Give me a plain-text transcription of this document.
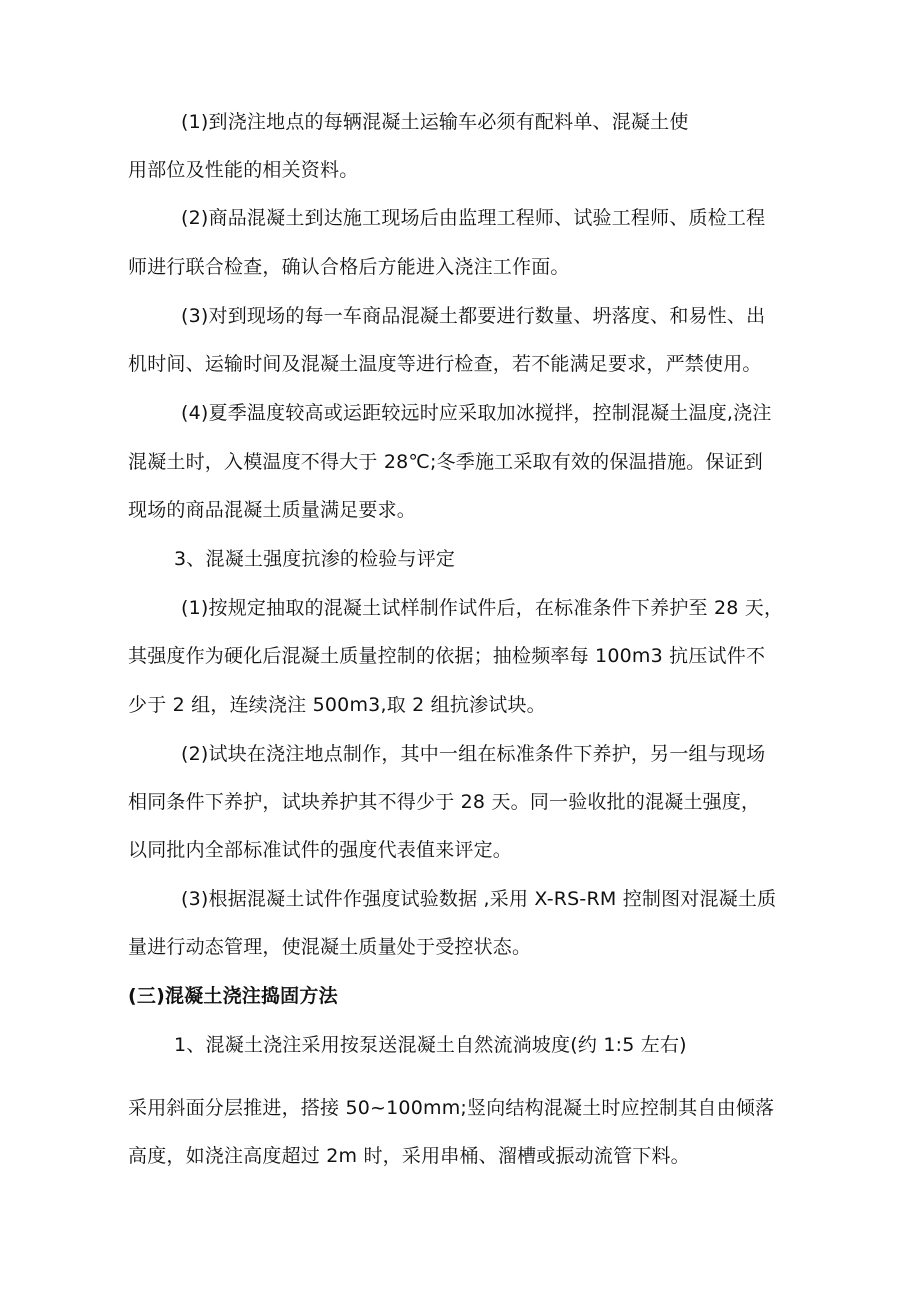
(1)到浇注地点的每辆混凝土运输车必须有配料单、混凝土使
用部位及性能的相关资料。
(2)商品混凝土到达施工现场后由监理工程师、试验工程师、质检工程
师进行联合检查，确认合格后方能进入浇注工作面。
(3)对到现场的每一车商品混凝土都要进行数量、坍落度、和易性、出
机时间、运输时间及混凝土温度等进行检查，若不能满足要求，严禁使用。
(4)夏季温度较高或运距较远时应采取加冰搅拌，控制混凝土温度,浇注
混凝土时，入模温度不得大于 28℃;冬季施工采取有效的保温措施。保证到
现场的商品混凝土质量满足要求。
3、混凝土强度抗渗的检验与评定
(1)按规定抽取的混凝土试样制作试件后，在标准条件下养护至 28 天，
其强度作为硬化后混凝土质量控制的依据；抽检频率每 100m3 抗压试件不
少于 2 组，连续浇注 500m3,取 2 组抗渗试块。
(2)试块在浇注地点制作，其中一组在标准条件下养护，另一组与现场
相同条件下养护，试块养护其不得少于 28 天。同一验收批的混凝土强度，
以同批内全部标准试件的强度代表值来评定。
(3)根据混凝土试件作强度试验数据 ,采用 X-RS-RM 控制图对混凝土质
量进行动态管理，使混凝土质量处于受控状态。
(三)混凝土浇注捣固方法
1、混凝土浇注采用按泵送混凝土自然流淌坡度(约 1:5 左右)
采用斜面分层推进，搭接 50~100mm;竖向结构混凝土时应控制其自由倾落
高度，如浇注高度超过 2m 时，采用串桶、溜槽或振动流管下料。
